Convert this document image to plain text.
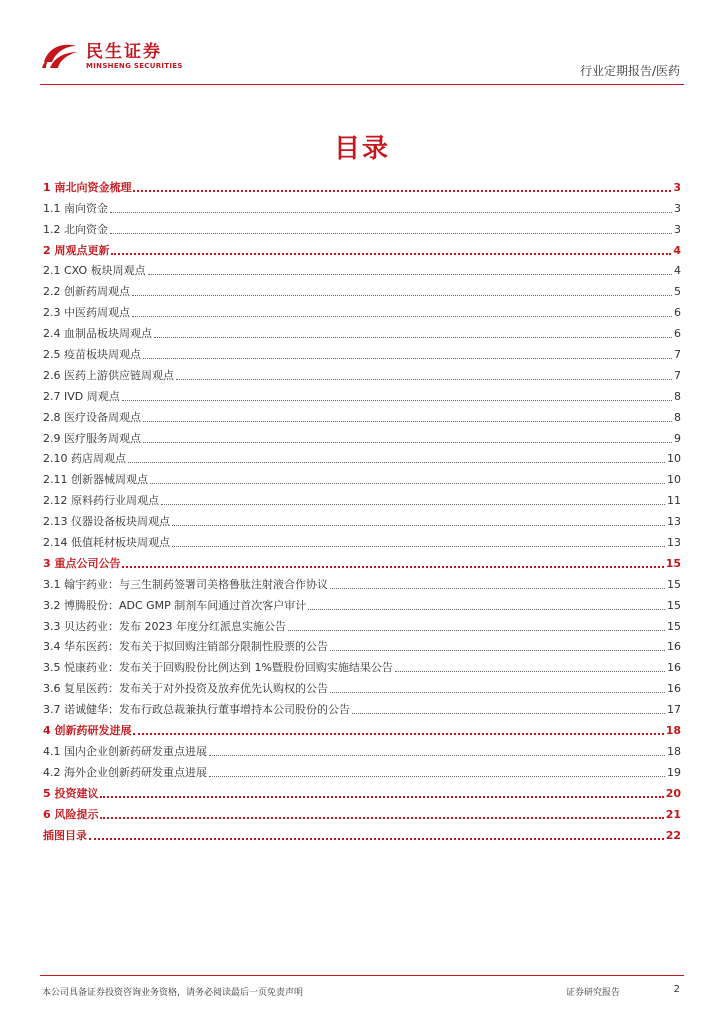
民生证券
MINSHENG SECURITIES	行业定期报告/医药
目录
1 南北向资金梳理	3
1.1 南向资金	3
1.2 北向资金	3
2 周观点更新	4
2.1 CXO 板块周观点	4
2.2 创新药周观点	5
2.3 中医药周观点	6
2.4 血制品板块周观点	6
2.5 疫苗板块周观点	7
2.6 医药上游供应链周观点	7
2.7 IVD 周观点	8
2.8 医疗设备周观点	8
2.9 医疗服务周观点	9
2.10 药店周观点	10
2.11 创新器械周观点	10
2.12 原料药行业周观点	11
2.13 仪器设备板块周观点	13
2.14 低值耗材板块周观点	13
3 重点公司公告	15
3.1 翰宇药业：与三生制药签署司美格鲁肽注射液合作协议	15
3.2 博腾股份：ADC GMP 制剂车间通过首次客户审计	15
3.3 贝达药业：发布 2023 年度分红派息实施公告	15
3.4 华东医药：发布关于拟回购注销部分限制性股票的公告	16
3.5 悦康药业：发布关于回购股份比例达到 1%暨股份回购实施结果公告	16
3.6 复星医药：发布关于对外投资及放弃优先认购权的公告	16
3.7 诺诚健华：发布行政总裁兼执行董事增持本公司股份的公告	17
4 创新药研发进展	18
4.1 国内企业创新药研发重点进展	18
4.2 海外企业创新药研发重点进展	19
5 投资建议	20
6 风险提示	21
插图目录	22
本公司具备证券投资咨询业务资格，请务必阅读最后一页免责声明	证券研究报告	2
